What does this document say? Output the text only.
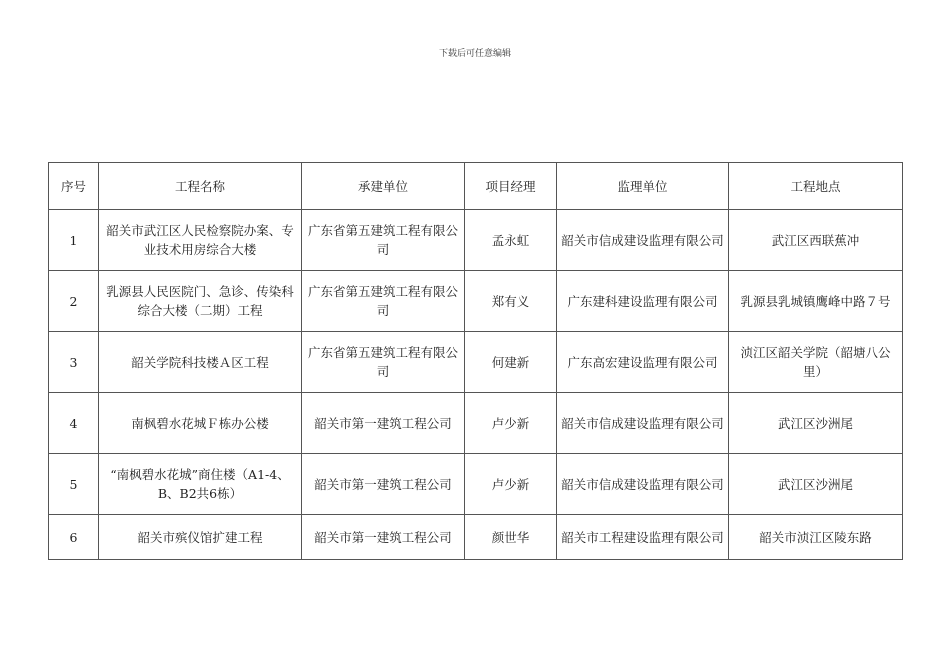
下载后可任意编辑
序号	工程名称	承建单位	项目经理	监理单位	工程地点
1	韶关市武江区人民检察院办案、专业技术用房综合大楼	广东省第五建筑工程有限公司	孟永虹	韶关市信成建设监理有限公司	武江区西联蕉冲
2	乳源县人民医院门、急诊、传染科综合大楼（二期）工程	广东省第五建筑工程有限公司	郑有义	广东建科建设监理有限公司	乳源县乳城镇鹰峰中路７号
3	韶关学院科技楼Ａ区工程	广东省第五建筑工程有限公司	何建新	广东高宏建设监理有限公司	浈江区韶关学院（韶塘八公里）
4	南枫碧水花城Ｆ栋办公楼	韶关市第一建筑工程公司	卢少新	韶关市信成建设监理有限公司	武江区沙洲尾
5	“南枫碧水花城”商住楼（A1-4、B、B2共6栋）	韶关市第一建筑工程公司	卢少新	韶关市信成建设监理有限公司	武江区沙洲尾
6	韶关市殡仪馆扩建工程	韶关市第一建筑工程公司	颜世华	韶关市工程建设监理有限公司	韶关市浈江区陵东路
